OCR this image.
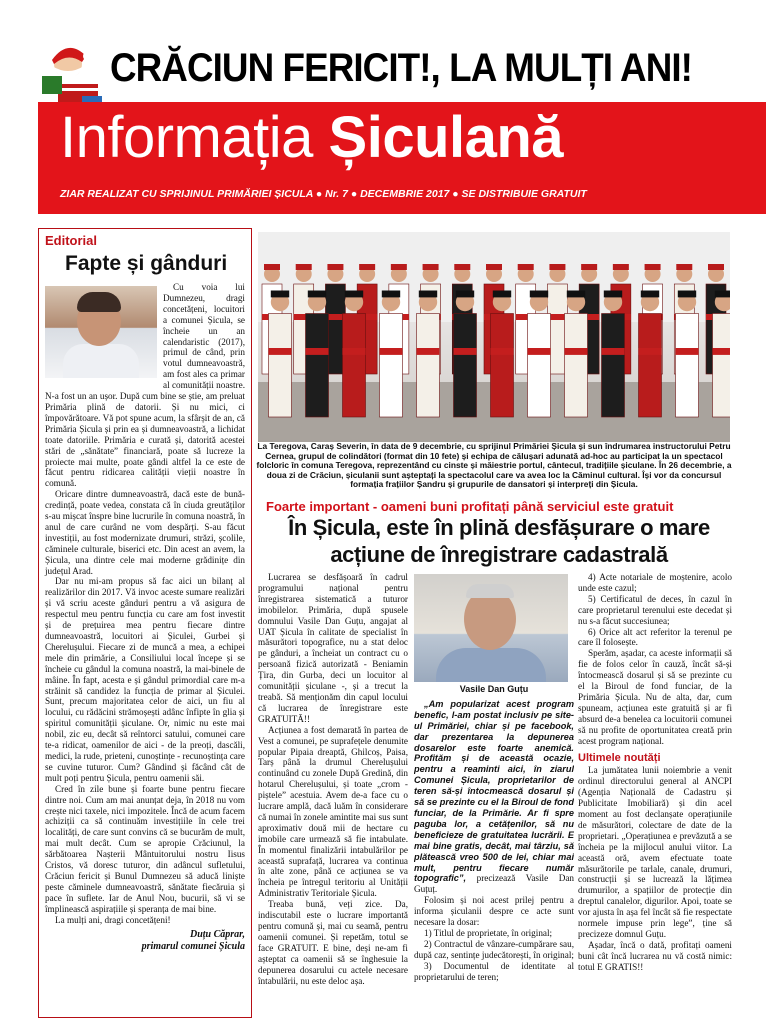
CRĂCIUN FERICIT!, LA MULȚI ANI!
Informația Șiculană
ZIAR REALIZAT CU SPRIJINUL PRIMĂRIEI ȘICULA ● Nr. 7 ● DECEMBRIE 2017 ● SE DISTRIBUIE GRATUIT
Editorial
Fapte și gânduri

Cu voia lui Dumnezeu, dragi concetățeni, locuitori a comunei Șicula, se încheie un an calendaristic (2017), primul de când, prin votul dumneavoastră, am fost ales ca primar al comunității noastre. N-a fost un an ușor. După cum bine se știe, am preluat Primăria plină de datorii. Și nu mici, ci împovărătoare. Vă pot spune acum, la sfârșit de an, că Primăria Șicula și prin ea și dumneavoastră, a lichidat toate datoriile. Primăria e curată și, datorită acestei stări de „sănătate” financiară, poate să lucreze la proiecte mai multe, poate gândi altfel la ce este de făcut pentru ridicarea calității vieții noastre în comună.

Oricare dintre dumneavoastră, dacă este de bună-credință, poate vedea, constata că în ciuda greutăților s-au mișcat înspre bine lucrurile în comuna noastră, în anul de care curând ne vom despărți. S-au făcut investiții, au fost modernizate drumuri, străzi, școlile, căminele culturale, biserici etc. Din acest an avem, la Șicula, una dintre cele mai moderne grădinițe din județul Arad.

Dar nu mi-am propus să fac aici un bilanț al realizărilor din 2017. Vă invoc aceste sumare realizări și vă scriu aceste gânduri pentru a vă asigura de respectul meu pentru funcția cu care am fost investit și de prețuirea mea pentru fiecare dintre dumneavoastră, locuitori ai Șiculei, Gurbei și Cherelușului. Fiecare zi de muncă a mea, a echipei mele din primărie, a Consiliului local începe și se încheie cu gândul la comuna noastră, la mai-binele de mâine. În fapt, acesta e și gândul primordial care m-a străinit să candidez la funcția de primar al Șiculei. Sunt, precum majoritatea celor de aici, un fiu al locului, cu rădăcini strămoșești adânc înfipte în glia și spiritul comunității șiculane. Or, nimic nu este mai nobil, zic eu, decât să reîntorci satului, comunei care te-a ridicat, oamenilor de aici - de la preoți, dascăli, medici, la rude, prieteni, cunoștințe - recunoștința care se cuvine tuturor. Cum? Gândind și făcând cât de mult poți pentru Șicula, pentru oamenii săi.

Cred în zile bune și foarte bune pentru fiecare dintre noi. Cum am mai anunțat deja, în 2018 nu vom crește nici taxele, nici impozitele. Încă de acum facem achiziții ca să continuăm investițiile în cele trei localități, de care sunt convins că se bucurăm de mult, mai mult decât. Cum se apropie Crăciunul, la sărbătoarea Nașterii Mântuitorului nostru Iisus Cristos, vă doresc tuturor, din adâncul sufletului, Crăciun fericit și Bunul Dumnezeu să aducă liniște peste căminele dumneavoastră, sănătate fiecăruia și pace în suflete. Iar de Anul Nou, bucurii, să vi se împlinească aspirațiile și speranța de mai bine.

La mulți ani, dragi concetățeni!

Duțu Căprar,
primarul comunei Șicula
La Teregova, Caraș Severin, în data de 9 decembrie, cu sprijinul Primăriei Șicula și sun îndrumarea instructorului Petru Cernea, grupul de colindători (format din 10 fete) și echipa de călușari adunată ad-hoc au participat la un spectacol folcloric în comuna Teregova, reprezentând cu cinste și măiestrie portul, cântecul, tradițiile șiculane. În 26 decembrie, a doua zi de Crăciun, șiculanii sunt așteptați la spectacolul care va avea loc la Căminul cultural. Își vor da concursul formația frațiilor Șandru și grupurile de dansatori și interpreți din Șicula.
Foarte important - oameni buni profitați până serviciul este gratuit
În Șicula, este în plină desfășurare o mare acțiune de înregistrare cadastrală

Lucrarea se desfășoară în cadrul programului național pentru înregistrarea sistematică a tuturor imobilelor. Primăria, după spusele domnului Vasile Dan Guțu, angajat al UAT Șicula în calitate de specialist în măsurători topografice, nu a stat deloc pe gânduri, a încheiat un contract cu o persoană fizică autorizată - Beniamin Țira, din Gurba, deci un locuitor al comunității șiculane -, și a trecut la treabă. Să menționăm din capul locului că lucrarea de înregistrare este GRATUITĂ!!

Acțiunea a fost demarată în partea de Vest a comunei, pe suprafețele denumite popular Pipaia dreaptă, Ghilcoș, Paisa, Tarș până la drumul Cherelușului continuând cu zonele După Gredină, din hotarul Cherelușului, și toate „crom - piștele” acestuia. Avem de-a face cu o lucrare amplă, dacă luăm în considerare că numai în zonele amintite mai sus sunt aproximativ două mii de hectare cu imobile care urmează să fie intabulate. În momentul finalizării intabulărilor pe această suprafață, lucrarea va continua în alte zone, până ce acțiunea se va încheia pe întregul teritoriu al Unității Administrativ Teritoriale Șicula.

Treaba bună, veți zice. Da, indiscutabil este o lucrare importantă pentru comună și, mai cu seamă, pentru oamenii comunei. Și repetăm, totul se face GRATUIT. E bine, deși ne-am fi așteptat ca oamenii să se înghesuie la depunerea dosarului cu actele necesare întabulării, nu este deloc așa.

Vasile Dan Guțu

„Am popularizat acest program benefic, l-am postat inclusiv pe site-ul Primăriei, chiar și pe facebook, dar prezentarea la depunerea dosarelor este foarte anemică. Profităm și de această ocazie, pentru a reaminti aici, în ziarul Comunei Șicula, proprietarilor de teren să-și întocmească dosarul și să se prezinte cu el la Biroul de fond funciar, de la Primărie. Ar fi spre paguba lor, a cetățenilor, să nu beneficieze de gratuitatea lucrării. E mai bine gratis, decât, mai târziu, să plătească vreo 500 de lei, chiar mai mult, pentru fiecare număr topografic”, precizează Vasile Dan Guțuț.

Folosim și noi acest prilej pentru a informa șiculanii despre ce acte sunt necesare la dosar:

1) Titlul de proprietate, în original;

2) Contractul de vânzare-cumpărare sau, după caz, sentințe judecătorești, în original;

3) Documentul de identitate al proprietarului de teren;

4) Acte notariale de moștenire, acolo unde este cazul;

5) Certificatul de deces, în cazul în care proprietarul terenului este decedat și nu s-a făcut succesiunea;

6) Orice alt act referitor la terenul pe care îl folosește.

Sperăm, așadar, ca aceste informații să fie de folos celor în cauză, încât să-și întocmească dosarul și să se prezinte cu el la Biroul de fond funciar, de la Primăria Șicula. Nu de alta, dar, cum spuneam, acțiunea este gratuită și ar fi absurd de-a benelea ca locuitorii comunei să nu profite de oportunitatea creată prin acest program național.

Ultimele noutăți

La jumătatea lunii noiembrie a venit ordinul directorului general al ANCPI (Agenția Națională de Cadastru și Publicitate Imobiliară) și din acel moment au fost declanșate operațiunile de măsurători, colectare de date de la proprietari. „Operațiunea e prevăzută a se încheia pe la mijlocul anului viitor. La această oră, avem efectuate toate măsurătorile pe tarlale, canale, drumuri, construcții și se lucrează la lățimea drumurilor, a spațiilor de protecție din dreptul canalelor, digurilor. Apoi, toate se vor ajusta în așa fel încât să fie respectate normele impuse prin lege”, ține să precizeze domnul Guțu.

Așadar, încă o dată, profitați oameni buni cât încă lucrarea nu vă costă nimic: totul E GRATIS!!
